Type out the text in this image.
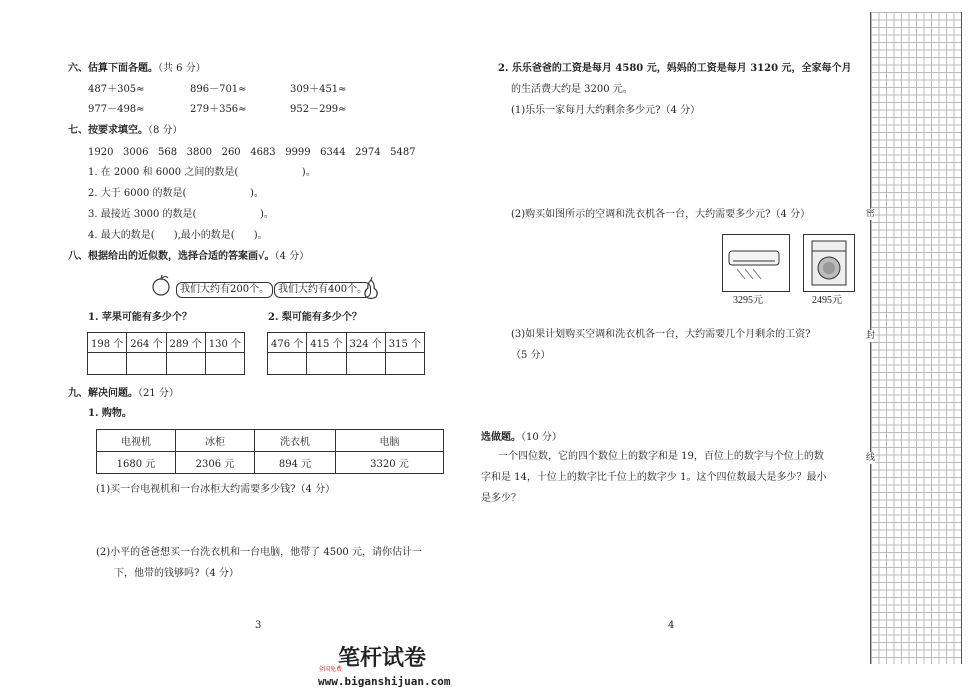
六、估算下面各题。（共 6 分）
487＋305≈	896－701≈	309＋451≈
977－498≈	279＋356≈	952－299≈
七、按要求填空。（8 分）
1920   3006   568   3800   260   4683   9999   6344   2974   5487
1. 在 2000 和 6000 之间的数是(                    )。
2. 大于 6000 的数是(                    )。
3. 最接近 3000 的数是(                    )。
4. 最大的数是(      ),最小的数是(      )。
八、根据给出的近似数，选择合适的答案画√。（4 分）
我们大约有200个。 我们大约有400个。
1. 苹果可能有多少个？	2. 梨可能有多少个？
198 个	264 个	289 个	130 个
				476 个	415 个	324 个	315 个

九、解决问题。（21 分）
1. 购物。
电视机	冰柜	洗衣机	电脑
1680 元	2306 元	894 元	3320 元
(1)买一台电视机和一台冰柜大约需要多少钱?（4 分）
(2)小平的爸爸想买一台洗衣机和一台电脑，他带了 4500 元，请你估计一
下，他带的钱够吗?（4 分）
3
2. 乐乐爸爸的工资是每月 4580 元，妈妈的工资是每月 3120 元，全家每个月
的生活费大约是 3200 元。
(1)乐乐一家每月大约剩余多少元?（4 分）
(2)购买如图所示的空调和洗衣机各一台，大约需要多少元?（4 分）
3295元	2495元
(3)如果计划购买空调和洗衣机各一台，大约需要几个月剩余的工资?
（5 分）
选做题。（10 分）
一个四位数，它的四个数位上的数字和是 19，百位上的数字与个位上的数
字和是 14，十位上的数字比千位上的数字少 1。这个四位数最大是多少？最小
是多少？
4
密
封
线
笔杆试卷
全国免费
www.biganshijuan.com
